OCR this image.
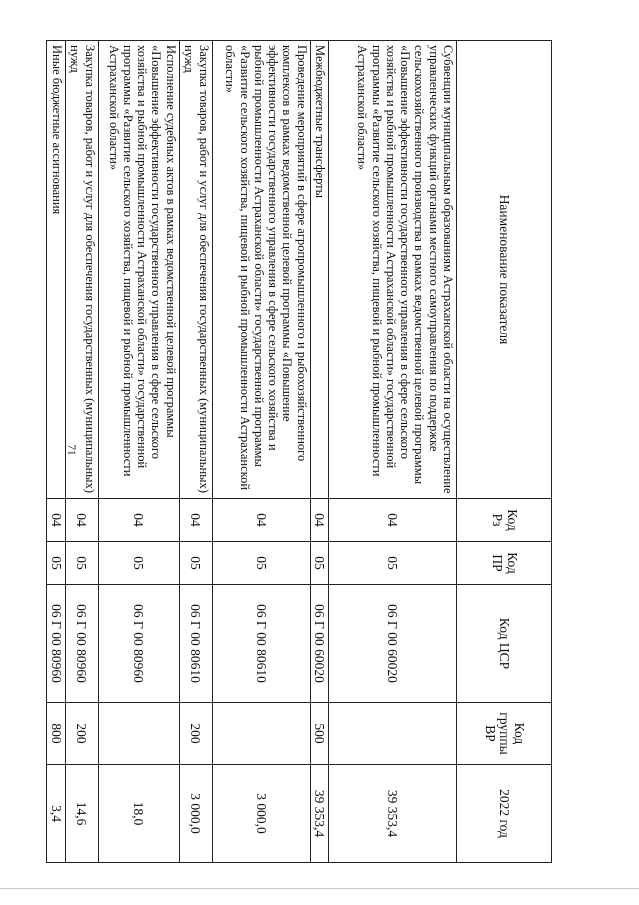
71
Наименование показателя	Код Рз	Код ПР	Код ЦСР	Код группы ВР	2022 год
Субвенции муниципальным образованиям Астраханской области на осуществление управленческих функций органами местного самоуправления по поддержке сельскохозяйственного производства в рамках ведомственной целевой программы «Повышение эффективности государственного управления в сфере сельского хозяйства и рыбной промышленности Астраханской области» государственной программы «Развитие сельского хозяйства, пищевой и рыбной промышленности Астраханской области»	04	05	06 Г 00 60020		39 353,4
Межбюджетные трансферты	04	05	06 Г 00 60020	500	39 353,4
Проведение мероприятий в сфере агропромышленного и рыбохозяйственного комплексов в рамках ведомственной целевой программы «Повышение эффективности государственного управления в сфере сельского хозяйства и рыбной промышленности Астраханской области» государственной программы «Развитие сельского хозяйства, пищевой и рыбной промышленности Астраханской области»	04	05	06 Г 00 80610		3 000,0
Закупка товаров, работ и услуг для обеспечения государственных (муниципальных) нужд	04	05	06 Г 00 80610	200	3 000,0
Исполнение судебных актов в рамках ведомственной целевой программы «Повышение эффективности государственного управления в сфере сельского хозяйства и рыбной промышленности Астраханской области» государственной программы «Развитие сельского хозяйства, пищевой и рыбной промышленности Астраханской области»	04	05	06 Г 00 80960		18,0
Закупка товаров, работ и услуг для обеспечения государственных (муниципальных) нужд	04	05	06 Г 00 80960	200	14,6
Иные бюджетные ассигнования	04	05	06 Г 00 80960	800	3,4
